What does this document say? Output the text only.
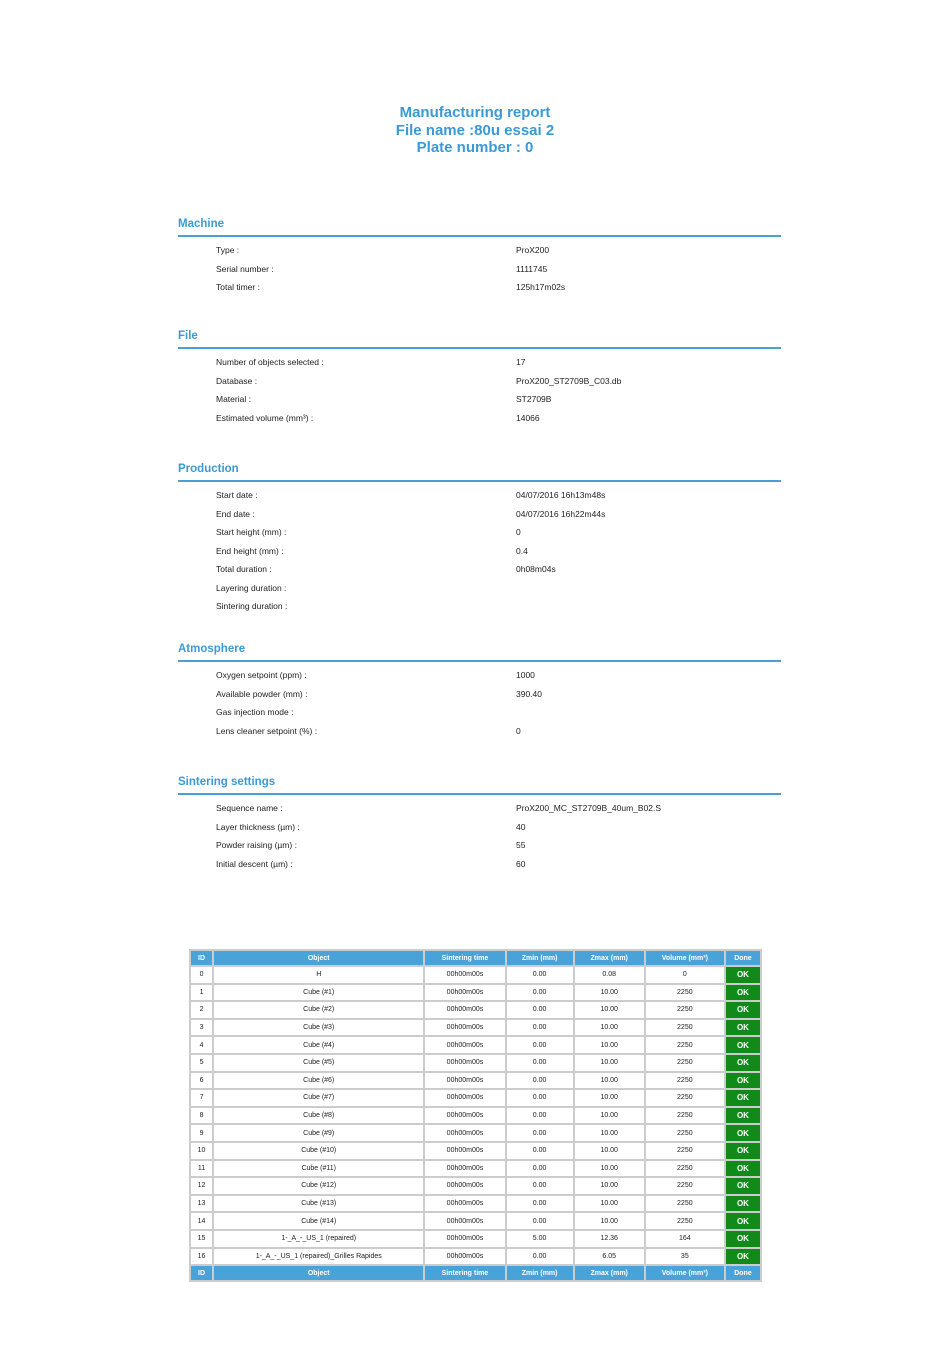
Manufacturing report
File name :80u essai 2
Plate number : 0
Machine
Type :	ProX200
Serial number :	1111745
Total timer :	125h17m02s
File
Number of objects selected :	17
Database :	ProX200_ST2709B_C03.db
Material :	ST2709B
Estimated volume (mm³) :	14066
Production
Start date :	04/07/2016 16h13m48s
End date :	04/07/2016 16h22m44s
Start height (mm) :	0
End height (mm) :	0.4
Total duration :	0h08m04s
Layering duration :
Sintering duration :
Atmosphere
Oxygen setpoint (ppm) :	1000
Available powder (mm) :	390.40
Gas injection mode :
Lens cleaner setpoint (%) :	0
Sintering settings
Sequence name :	ProX200_MC_ST2709B_40um_B02.S
Layer thickness (µm) :	40
Powder raising (µm) :	55
Initial descent (µm) :	60
ID	Object	Sintering time	Zmin (mm)	Zmax (mm)	Volume (mm³)	Done
0	H	00h00m00s	0.00	0.08	0	OK
1	Cube (#1)	00h00m00s	0.00	10.00	2250	OK
2	Cube (#2)	00h00m00s	0.00	10.00	2250	OK
3	Cube (#3)	00h00m00s	0.00	10.00	2250	OK
4	Cube (#4)	00h00m00s	0.00	10.00	2250	OK
5	Cube (#5)	00h00m00s	0.00	10.00	2250	OK
6	Cube (#6)	00h00m00s	0.00	10.00	2250	OK
7	Cube (#7)	00h00m00s	0.00	10.00	2250	OK
8	Cube (#8)	00h00m00s	0.00	10.00	2250	OK
9	Cube (#9)	00h00m00s	0.00	10.00	2250	OK
10	Cube (#10)	00h00m00s	0.00	10.00	2250	OK
11	Cube (#11)	00h00m00s	0.00	10.00	2250	OK
12	Cube (#12)	00h00m00s	0.00	10.00	2250	OK
13	Cube (#13)	00h00m00s	0.00	10.00	2250	OK
14	Cube (#14)	00h00m00s	0.00	10.00	2250	OK
15	1-_A_-_US_1 (repaired)	00h00m00s	5.00	12.36	164	OK
16	1-_A_-_US_1 (repaired)_Grilles Rapides	00h00m00s	0.00	6.05	35	OK
ID	Object	Sintering time	Zmin (mm)	Zmax (mm)	Volume (mm³)	Done
